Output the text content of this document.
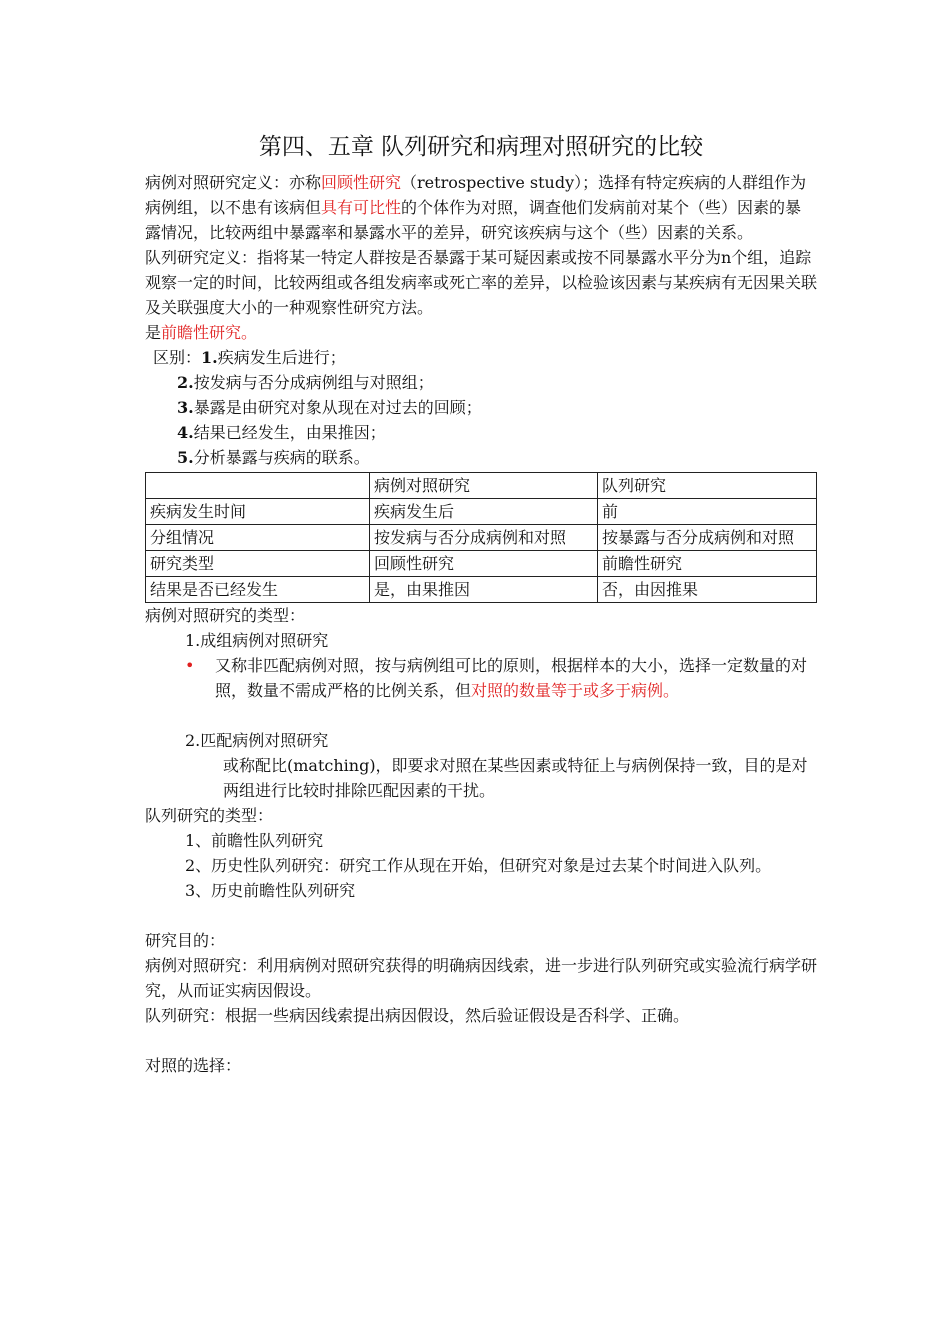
第四、五章 队列研究和病理对照研究的比较

病例对照研究定义：亦称回顾性研究（retrospective study）；选择有特定疾病的人群组作为病例组，以不患有该病但具有可比性的个体作为对照，调查他们发病前对某个（些）因素的暴露情况，比较两组中暴露率和暴露水平的差异，研究该疾病与这个（些）因素的关系。

队列研究定义：指将某一特定人群按是否暴露于某可疑因素或按不同暴露水平分为n个组，追踪观察一定的时间，比较两组或各组发病率或死亡率的差异，以检验该因素与某疾病有无因果关联及关联强度大小的一种观察性研究方法。

是前瞻性研究。

区别：1.疾病发生后进行；

2.按发病与否分成病例组与对照组；

3.暴露是由研究对象从现在对过去的回顾；

4.结果已经发生，由果推因；

5.分析暴露与疾病的联系。

	病例对照研究	队列研究
疾病发生时间	疾病发生后	前
分组情况	按发病与否分成病例和对照	按暴露与否分成病例和对照
研究类型	回顾性研究	前瞻性研究
结果是否已经发生	是，由果推因	否，由因推果

病例对照研究的类型：

1.成组病例对照研究

• 又称非匹配病例对照，按与病例组可比的原则，根据样本的大小，选择一定数量的对照，数量不需成严格的比例关系，但对照的数量等于或多于病例。

2.匹配病例对照研究

或称配比(matching)，即要求对照在某些因素或特征上与病例保持一致，目的是对两组进行比较时排除匹配因素的干扰。

队列研究的类型：

1、前瞻性队列研究

2、历史性队列研究：研究工作从现在开始，但研究对象是过去某个时间进入队列。

3、历史前瞻性队列研究

研究目的：

病例对照研究：利用病例对照研究获得的明确病因线索，进一步进行队列研究或实验流行病学研究，从而证实病因假设。

队列研究：根据一些病因线索提出病因假设，然后验证假设是否科学、正确。

对照的选择：
